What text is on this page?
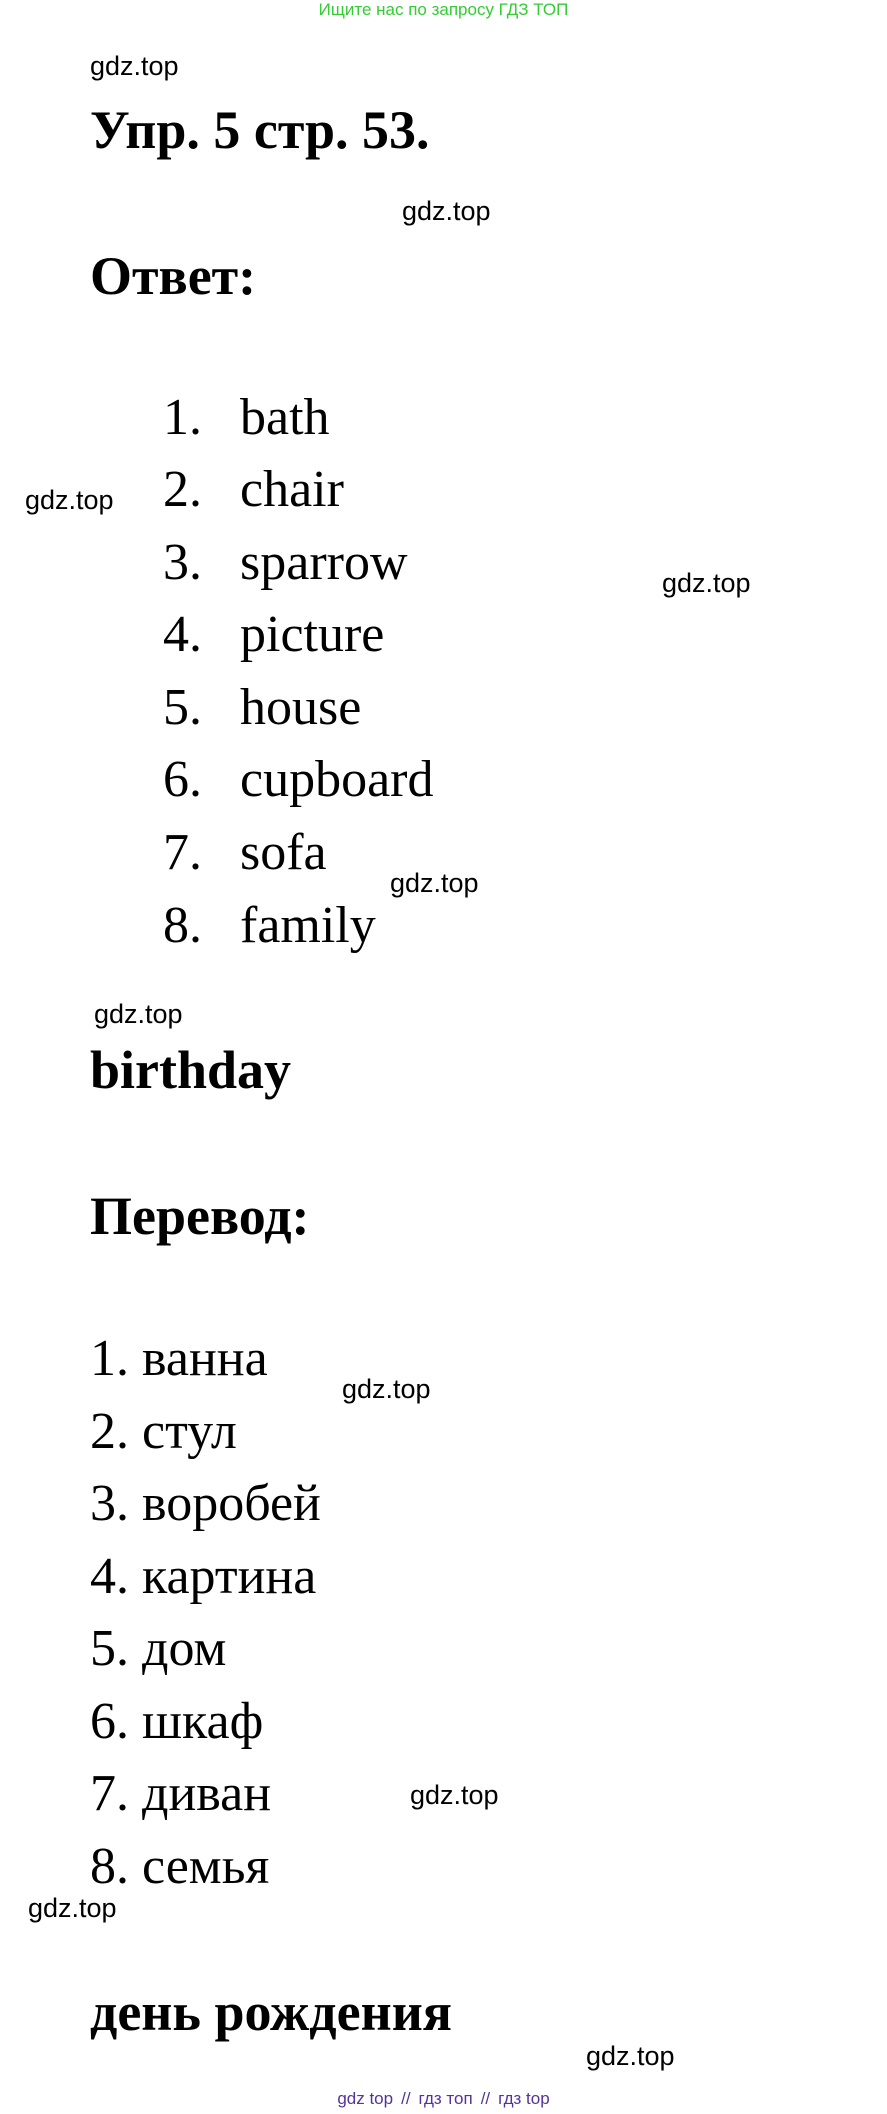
Ищите нас по запросу ГДЗ ТОП
gdz.top
Упр. 5 стр. 53.
gdz.top
Ответ:
1. bath
2. chair
3. sparrow
4. picture
5. house
6. cupboard
7. sofa
8. family
gdz.top
gdz.top
gdz.top
gdz.top
birthday
Перевод:
1. ванна
2. стул
3. воробей
4. картина
5. дом
6. шкаф
7. диван
8. семья
gdz.top
gdz.top
gdz.top
день рождения
gdz.top
gdz top // гдз топ // гдз top
